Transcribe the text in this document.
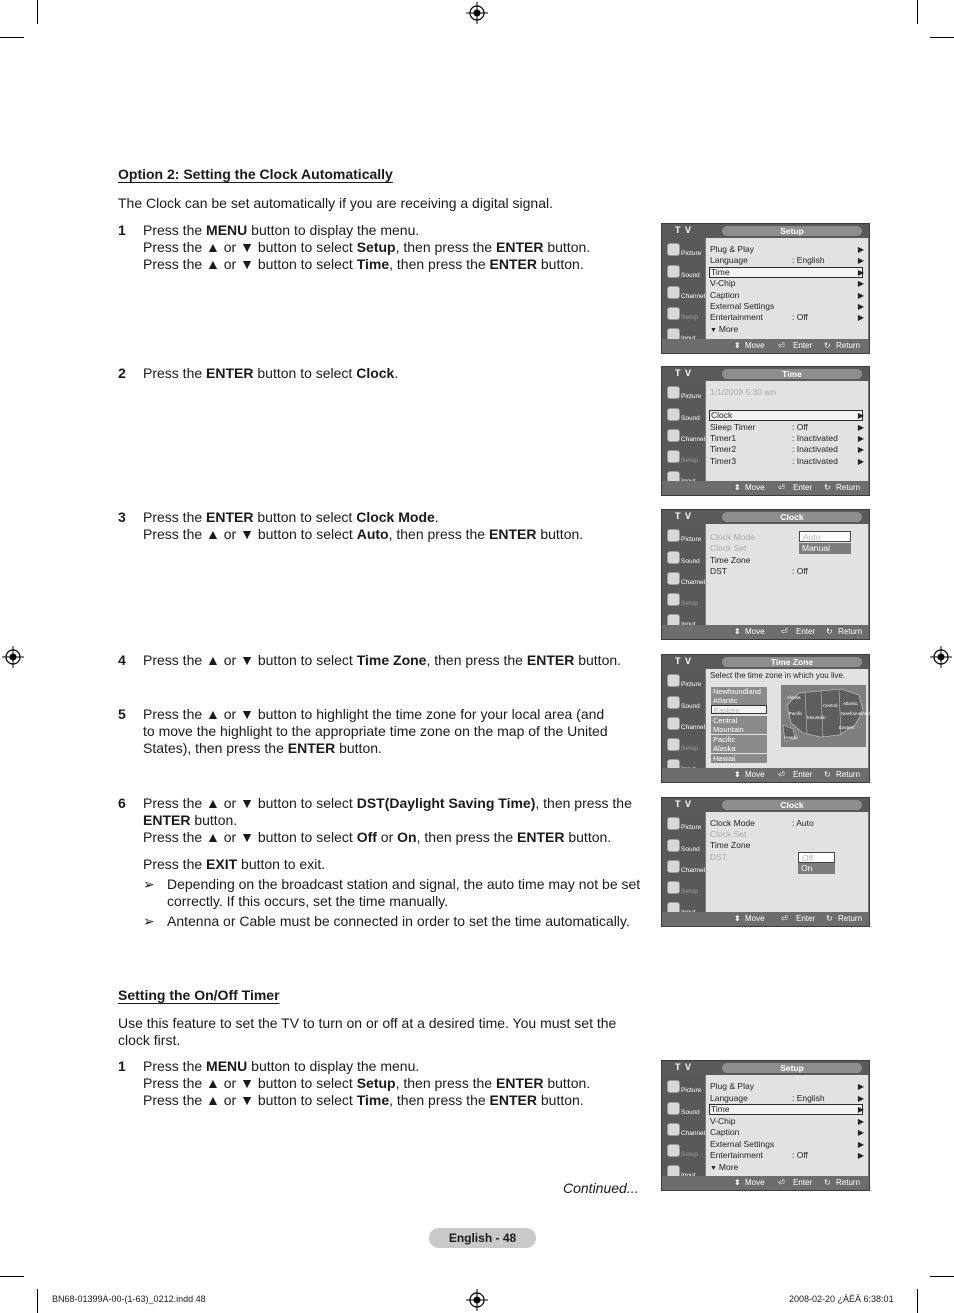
Option 2: Setting the Clock Automatically
The Clock can be set automatically if you are receiving a digital signal.
1 Press the MENU button to display the menu.
Press the ▲ or ▼ button to select Setup, then press the ENTER button.
Press the ▲ or ▼ button to select Time, then press the ENTER button.
2 Press the ENTER button to select Clock.
3 Press the ENTER button to select Clock Mode.
Press the ▲ or ▼ button to select Auto, then press the ENTER button.
4 Press the ▲ or ▼ button to select Time Zone, then press the ENTER button.
5 Press the ▲ or ▼ button to highlight the time zone for your local area (and
to move the highlight to the appropriate time zone on the map of the United
States), then press the ENTER button.
6 Press the ▲ or ▼ button to select DST(Daylight Saving Time), then press the
ENTER button.
Press the ▲ or ▼ button to select Off or On, then press the ENTER button.
Press the EXIT button to exit.
➢ Depending on the broadcast station and signal, the auto time may not be set correctly. If this occurs, set the time manually.
➢ Antenna or Cable must be connected in order to set the time automatically.
Setting the On/Off Timer
Use this feature to set the TV to turn on or off at a desired time. You must set the clock first.
1 Press the MENU button to display the menu.
Press the ▲ or ▼ button to select Setup, then press the ENTER button.
Press the ▲ or ▼ button to select Time, then press the ENTER button.
Continued...
English - 48
BN68-01399A-00-(1-63)_0212.indd 48	2008-02-20 ¿ÀÈÄ 6:38:01
T V	Setup
Picture
Sound
Channel
Setup
Plug & Play	▶
Language	: English	▶
Time	▶
V-Chip	▶
Caption	▶
External Settings	▶
Entertainment	: Off	▶
▼ More
⬍ Move ⏎ Enter ↻ Return
T V	Time
Picture
Sound
Channel
Setup
1/1/2008 5:30 am
Clock	▶
Sleep Timer	: Off	▶
Timer1	: Inactivated	▶
Timer2	: Inactivated	▶
Timer3	: Inactivated	▶
⬍ Move ⏎ Enter ↻ Return
T V	Clock
Picture
Sound
Channel
Setup
Clock Mode
Clock Set
Time Zone
DST	: Off
Auto
Manual
⬍ Move ⏎ Enter ↻ Return
T V	Time Zone
Picture
Sound
Channel
Setup
Select the time zone in which you live.
Newfoundland
Atlantic
Eastern
Central
Mountain
Pacific
Alaska
Hawaii
Alaska
Pacific
Mountain
Central
Eastern
Atlantic
Newfoundland
Hawaii
⬍ Move ⏎ Enter ↻ Return
T V	Clock
Picture
Sound
Channel
Setup
Clock Mode	: Auto
Clock Set
Time Zone
DST	Off
On
⬍ Move ⏎ Enter ↻ Return
T V	Setup
Picture
Sound
Channel
Setup
Plug & Play	▶
Language	: English	▶
Time	▶
V-Chip	▶
Caption	▶
External Settings	▶
Entertainment	: Off	▶
▼ More
⬍ Move ⏎ Enter ↻ Return
